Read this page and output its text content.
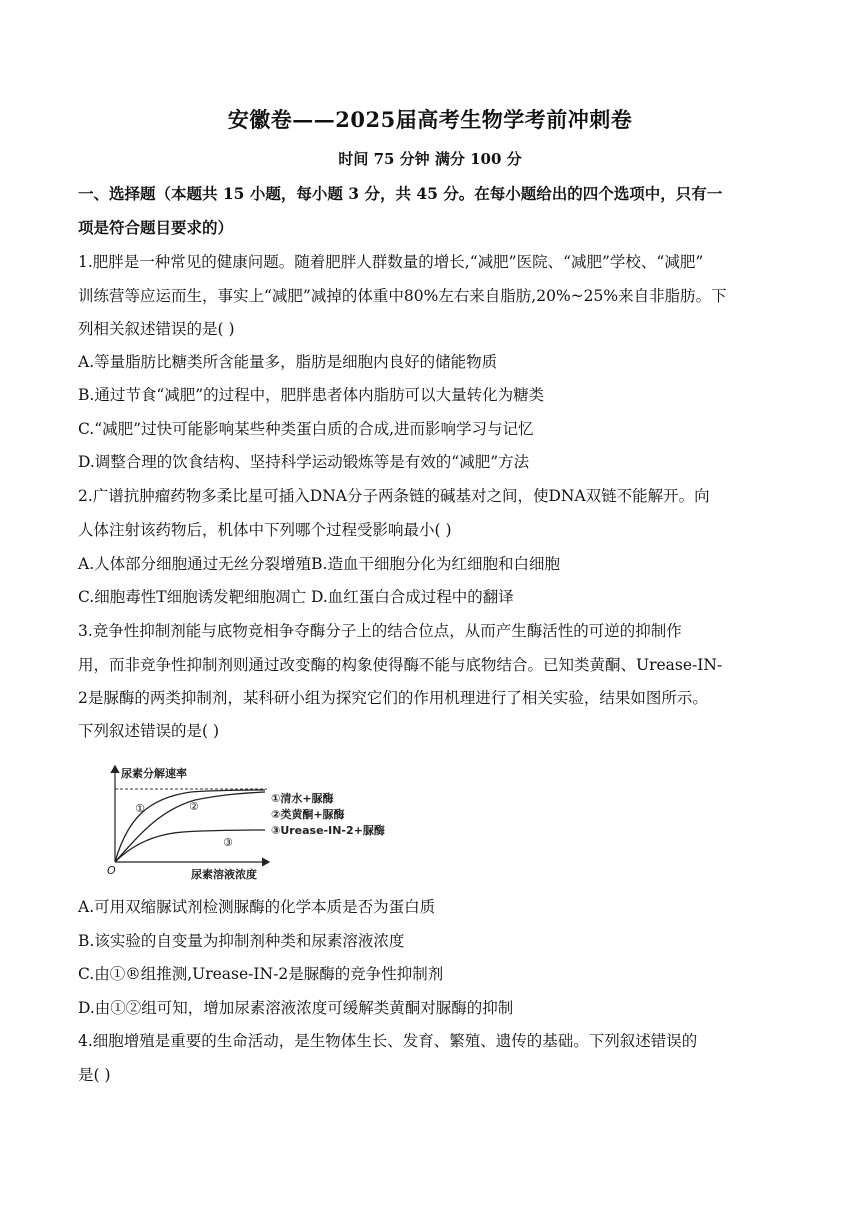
安徽卷——2025届高考生物学考前冲刺卷
时间 75 分钟 满分 100 分
一、选择题（本题共 15 小题，每小题 3 分，共 45 分。在每小题给出的四个选项中，只有一
项是符合题目要求的）
1.肥胖是一种常见的健康问题。随着肥胖人群数量的增长,“减肥”医院、“减肥”学校、“减肥”
训练营等应运而生，事实上“减肥”减掉的体重中80%左右来自脂肪,20%~25%来自非脂肪。下
列相关叙述错误的是( )
A.等量脂肪比糖类所含能量多，脂肪是细胞内良好的储能物质
B.通过节食“减肥”的过程中，肥胖患者体内脂肪可以大量转化为糖类
C.“减肥”过快可能影响某些种类蛋白质的合成,进而影响学习与记忆
D.调整合理的饮食结构、坚持科学运动锻炼等是有效的“减肥”方法
2.广谱抗肿瘤药物多柔比星可插入DNA分子两条链的碱基对之间，使DNA双链不能解开。向
人体注射该药物后，机体中下列哪个过程受影响最小( )
A.人体部分细胞通过无丝分裂增殖B.造血干细胞分化为红细胞和白细胞
C.细胞毒性T细胞诱发靶细胞凋亡 D.血红蛋白合成过程中的翻译
3.竞争性抑制剂能与底物竞相争夺酶分子上的结合位点，从而产生酶活性的可逆的抑制作
用，而非竞争性抑制剂则通过改变酶的构象使得酶不能与底物结合。已知类黄酮、Urease-IN-
2是脲酶的两类抑制剂，某科研小组为探究它们的作用机理进行了相关实验，结果如图所示。
下列叙述错误的是( )
①	②
③
尿素分解速率
尿素溶液浓度
O
①清水+脲酶
②类黄酮+脲酶
③Urease-IN-2+脲酶
A.可用双缩脲试剂检测脲酶的化学本质是否为蛋白质
B.该实验的自变量为抑制剂种类和尿素溶液浓度
C.由①®组推测,Urease-IN-2是脲酶的竞争性抑制剂
D.由①②组可知，增加尿素溶液浓度可缓解类黄酮对脲酶的抑制
4.细胞增殖是重要的生命活动，是生物体生长、发育、繁殖、遗传的基础。下列叙述错误的
是( )
